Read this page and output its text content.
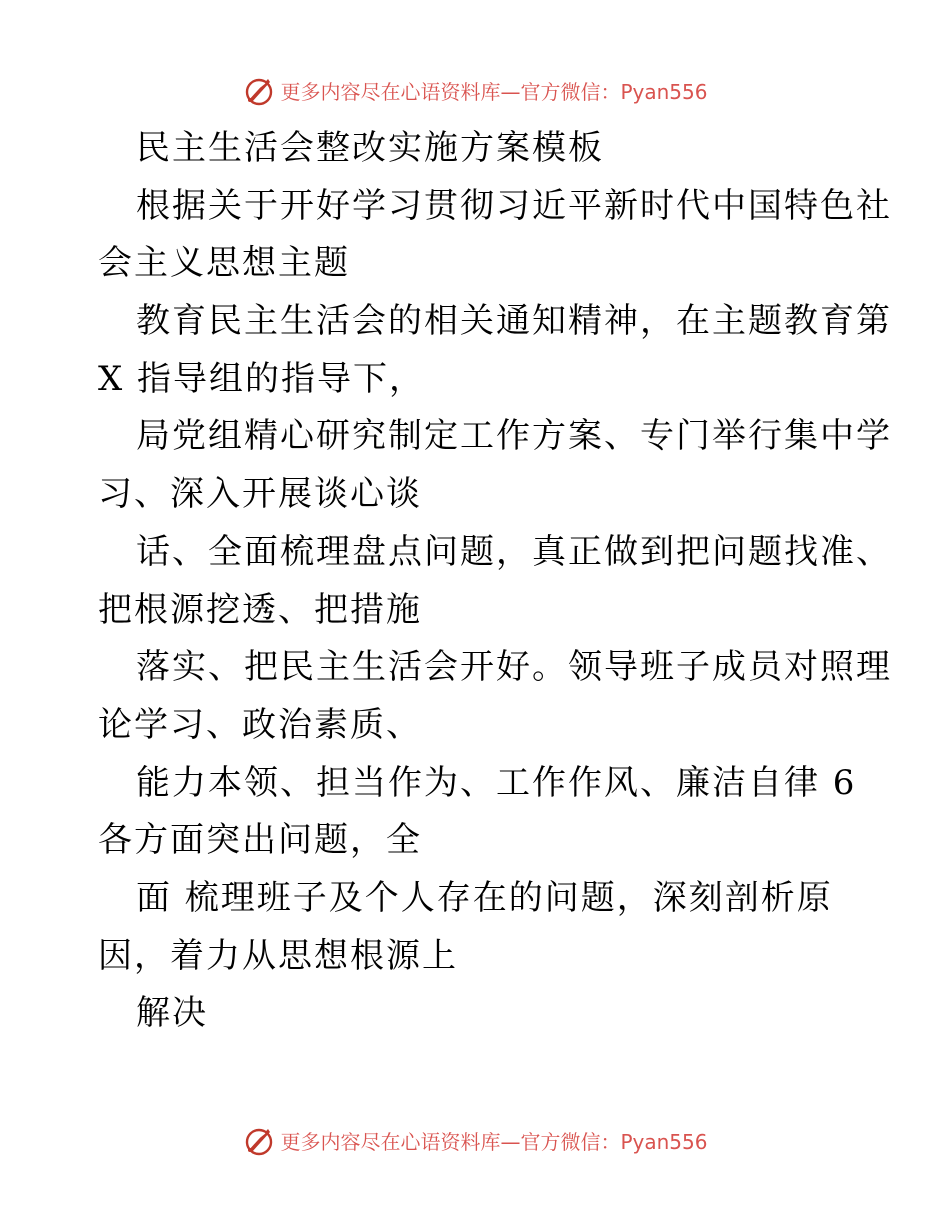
更多内容尽在心语资料库—官方微信：Pyan556
民主生活会整改实施方案模板
根据关于开好学习贯彻习近平新时代中国特色社
会主义思想主题
教育民主生活会的相关通知精神，在主题教育第
X 指导组的指导下，
局党组精心研究制定工作方案、专门举行集中学
习、深入开展谈心谈
话、全面梳理盘点问题，真正做到把问题找准、
把根源挖透、把措施
落实、把民主生活会开好。领导班子成员对照理
论学习、政治素质、
能力本领、担当作为、工作作风、廉洁自律 6
各方面突出问题，全
面 梳理班子及个人存在的问题，深刻剖析原
因，着力从思想根源上
解决
更多内容尽在心语资料库—官方微信：Pyan556
